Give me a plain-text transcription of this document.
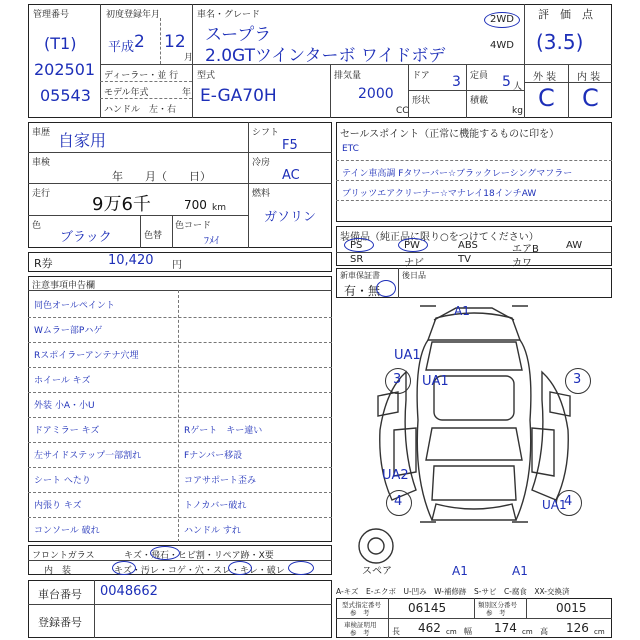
管理番号
(T1)
202501
05543
初度登録年月
平成 2 12
月
車名・グレード
スープラ
2.0GTツインターボ ワイドボデ
2WD
4WD
評　価　点
(3.5)
ディーラー・並 行
モデル年式	年
ハンドル　左・右
型式
E-GA70H
排気量
2000
CC
ドア 3 定員 5 人
形状	積載
kg
外 装 内 装
C C
車歴 自家用
車検
年　　月（　　日）
走行 9万6千	700 km
色
ブラック	色替
色コード
ﾌﾒｲ
シフト
F5
冷房
AC
燃料
ガソリン
R券	10,420 円
注意事項申告欄
同色オールペイント
Wムラー部Pハゲ
Rスポイラーアンテナ穴埋
ホイール キズ
外装 小A・小U
ドアミラー キズ	Rゲート　キー違い
左サイドステップ一部割れ	Fナンバー移設
シート へたり	コアサポート歪み
内張り キズ	トノカバー破れ
コンソール 破れ	ハンドル すれ
セールスポイント（正常に機能するものに印を）
ETC
テイン車高調 Fタワーバー☆ブラックレーシングマフラー
ブリッツエアクリーナー☆マナレイ18インチAW
装備品（純正品に限り○をつけてください）
PS	PW	ABS	エアB	AW
SR	ナビ	TV	カワ
新車保証書	後日品
有・無
A1
UA1
3 UA1	3
UA2
4	4
UA1
A1	A1
スペア
A-キズ　E-エクボ　U-凹み　W-補修跡　S-サビ　C-腐食　XX-交換済
フロントガラス	キズ・飛石・ヒビ割・リペア跡・X要
内　装	キズ・汚レ・コゲ・穴・スレ・キレ・破レ
車台番号 0048662
登録番号
型式指定番号
参　考	06145	類別区分番号
参　考	0015
車検証明用
参　考	長 462 cm 幅 174 cm 高 126 cm
